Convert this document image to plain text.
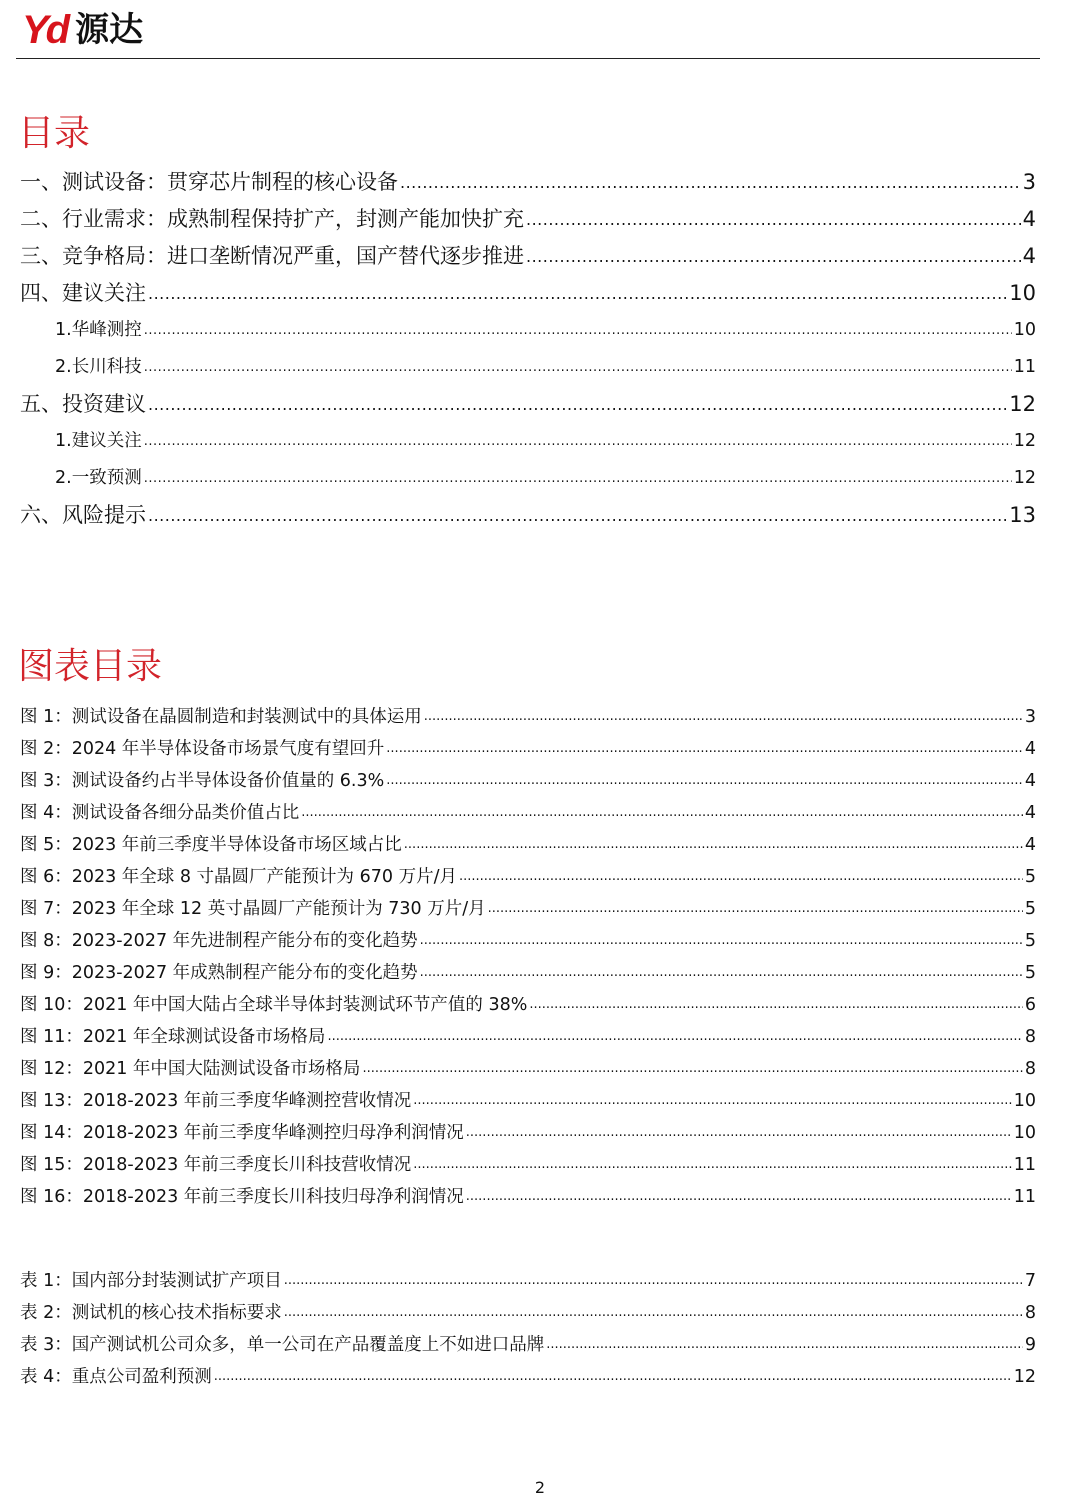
Yd 源达
目录
一、测试设备：贯穿芯片制程的核心设备 .....	3
二、行业需求：成熟制程保持扩产，封测产能加快扩充 .....	4
三、竞争格局：进口垄断情况严重，国产替代逐步推进 .....	4
四、建议关注 .....	10
1.华峰测控 .....	10
2.长川科技 .....	11
五、投资建议 .....	12
1.建议关注 .....	12
2.一致预测 .....	12
六、风险提示 .....	13
图表目录
图 1：测试设备在晶圆制造和封装测试中的具体运用 .....	3
图 2：2024 年半导体设备市场景气度有望回升 .....	4
图 3：测试设备约占半导体设备价值量的 6.3% .....	4
图 4：测试设备各细分品类价值占比 .....	4
图 5：2023 年前三季度半导体设备市场区域占比 .....	4
图 6：2023 年全球 8 寸晶圆厂产能预计为 670 万片/月 .....	5
图 7：2023 年全球 12 英寸晶圆厂产能预计为 730 万片/月 .....	5
图 8：2023-2027 年先进制程产能分布的变化趋势 .....	5
图 9：2023-2027 年成熟制程产能分布的变化趋势 .....	5
图 10：2021 年中国大陆占全球半导体封装测试环节产值的 38% .....	6
图 11：2021 年全球测试设备市场格局 .....	8
图 12：2021 年中国大陆测试设备市场格局 .....	8
图 13：2018-2023 年前三季度华峰测控营收情况 .....	10
图 14：2018-2023 年前三季度华峰测控归母净利润情况 .....	10
图 15：2018-2023 年前三季度长川科技营收情况 .....	11
图 16：2018-2023 年前三季度长川科技归母净利润情况 .....	11
表 1：国内部分封装测试扩产项目 .....	7
表 2：测试机的核心技术指标要求 .....	8
表 3：国产测试机公司众多，单一公司在产品覆盖度上不如进口品牌 .....	9
表 4：重点公司盈利预测 .....	12
2
